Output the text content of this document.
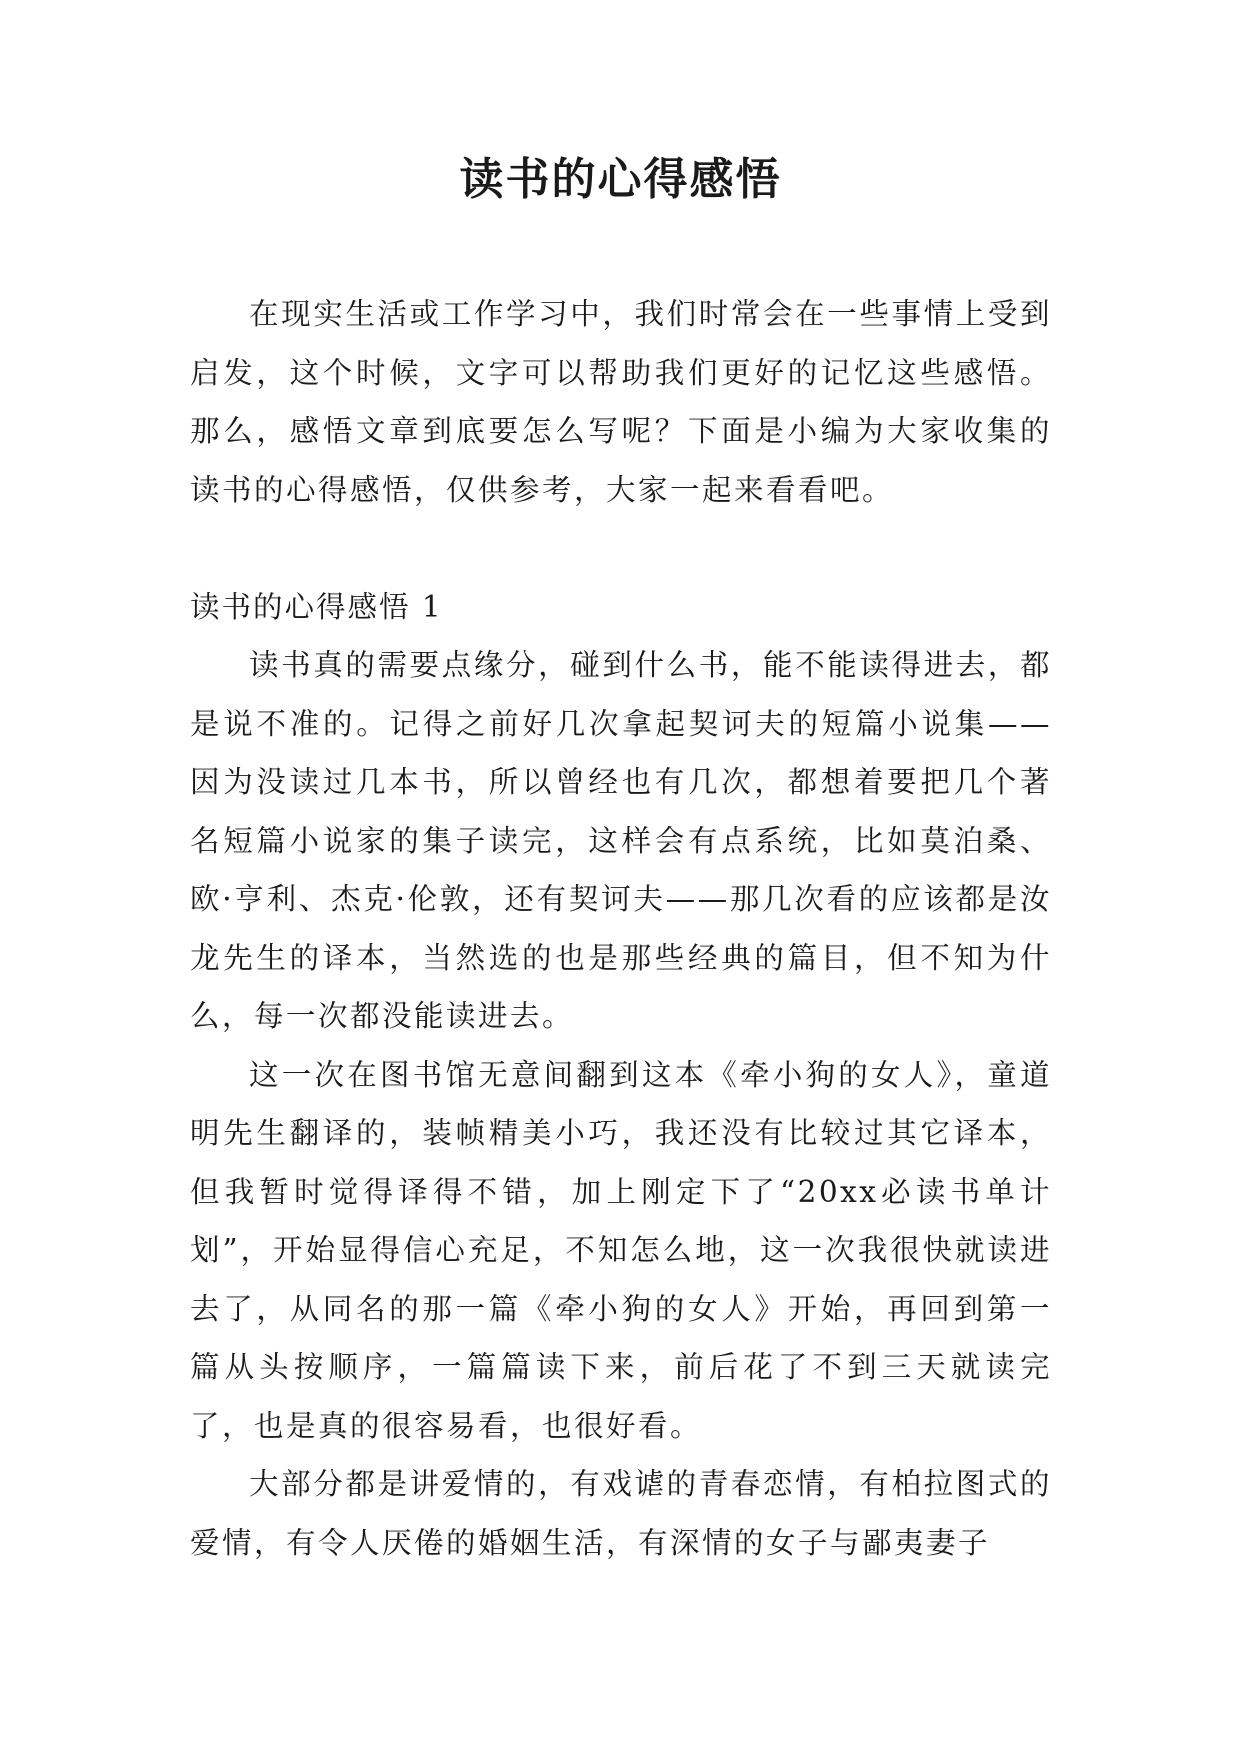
读书的心得感悟

在现实生活或工作学习中，我们时常会在一些事情上受到启发，这个时候，文字可以帮助我们更好的记忆这些感悟。那么，感悟文章到底要怎么写呢？下面是小编为大家收集的读书的心得感悟，仅供参考，大家一起来看看吧。

读书的心得感悟 1

读书真的需要点缘分，碰到什么书，能不能读得进去，都是说不准的。记得之前好几次拿起契诃夫的短篇小说集——因为没读过几本书，所以曾经也有几次，都想着要把几个著名短篇小说家的集子读完，这样会有点系统，比如莫泊桑、欧·亨利、杰克·伦敦，还有契诃夫——那几次看的应该都是汝龙先生的译本，当然选的也是那些经典的篇目，但不知为什么，每一次都没能读进去。

这一次在图书馆无意间翻到这本《牵小狗的女人》，童道明先生翻译的，装帧精美小巧，我还没有比较过其它译本，但我暂时觉得译得不错，加上刚定下了“20xx必读书单计划”，开始显得信心充足，不知怎么地，这一次我很快就读进去了，从同名的那一篇《牵小狗的女人》开始，再回到第一篇从头按顺序，一篇篇读下来，前后花了不到三天就读完了，也是真的很容易看，也很好看。

大部分都是讲爱情的，有戏谑的青春恋情，有柏拉图式的爱情，有令人厌倦的婚姻生活，有深情的女子与鄙夷妻子
